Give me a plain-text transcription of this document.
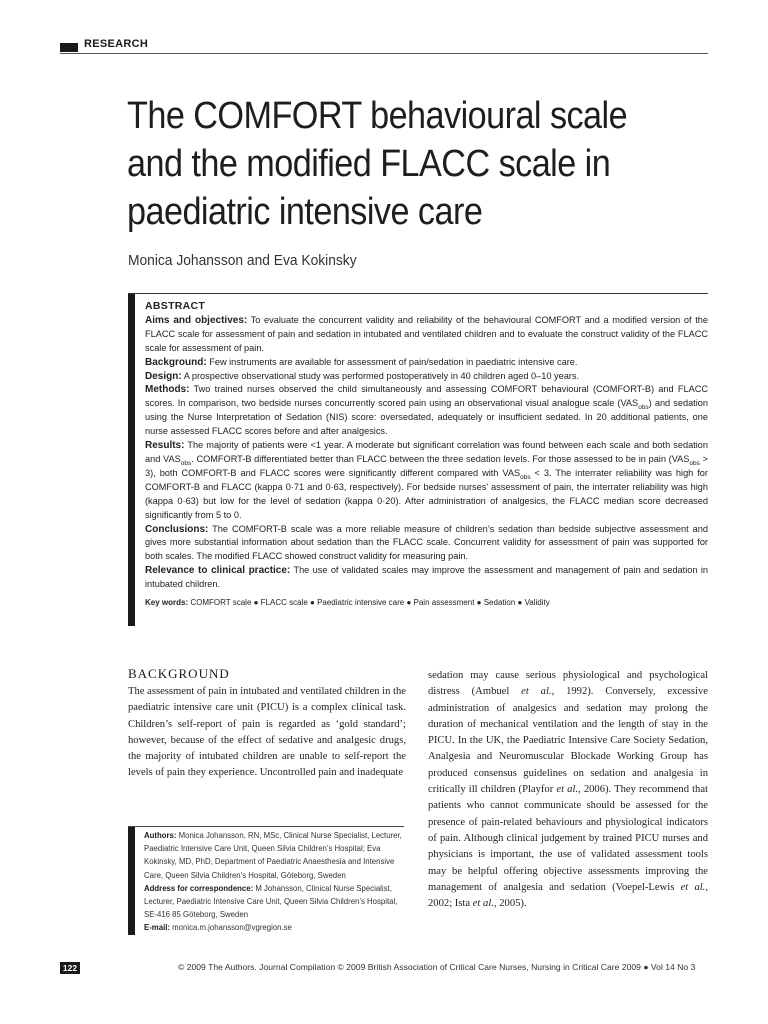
RESEARCH
The COMFORT behavioural scale
and the modified FLACC scale in
paediatric intensive care
Monica Johansson and Eva Kokinsky

ABSTRACT

Aims and objectives: To evaluate the concurrent validity and reliability of the behavioural COMFORT and a modified version of the FLACC scale for assessment of pain and sedation in intubated and ventilated children and to evaluate the construct validity of the FLACC scale for assessment of pain.

Background: Few instruments are available for assessment of pain/sedation in paediatric intensive care.

Design: A prospective observational study was performed postoperatively in 40 children aged 0–10 years.

Methods: Two trained nurses observed the child simultaneously and assessing COMFORT behavioural (COMFORT-B) and FLACC scores. In comparison, two bedside nurses concurrently scored pain using an observational visual analogue scale $(VAS_{obs})$ and sedation using the Nurse Interpretation of Sedation (NIS) score: oversedated, adequately or insufficient sedated. In 20 additional patients, one nurse assessed FLACC scores before and after analgesics.

Results: The majority of patients were <1 year. A moderate but significant correlation was found between each scale and both sedation and $VAS_{obs}$. COMFORT-B differentiated better than FLACC between the three sedation levels. For those assessed to be in pain $(VAS_{obs} > 3)$, both COMFORT-B and FLACC scores were significantly different compared with $VAS_{obs} < 3$. The interrater reliability was high for COMFORT-B and FLACC (kappa 0·71 and 0·63, respectively). For bedside nurses’ assessment of pain, the interrater reliability was high (kappa 0·63) but low for the level of sedation (kappa 0·20). After administration of analgesics, the FLACC median score decreased significantly from 5 to 0.

Conclusions: The COMFORT-B scale was a more reliable measure of children’s sedation than bedside subjective assessment and gives more substantial information about sedation than the FLACC scale. Concurrent validity for assessment of pain was supported for both scales. The modified FLACC showed construct validity for measuring pain.

Relevance to clinical practice: The use of validated scales may improve the assessment and management of pain and sedation in intubated children.

Key words: COMFORT scale ● FLACC scale ● Paediatric intensive care ● Pain assessment ● Sedation ● Validity

BACKGROUND

The assessment of pain in intubated and ventilated children in the paediatric intensive care unit (PICU) is a complex clinical task. Children’s self-report of pain is regarded as ‘gold standard’; however, because of the effect of sedative and analgesic drugs, the majority of intubated children are unable to self-report the levels of pain they experience. Uncontrolled pain and inadequate

sedation may cause serious physiological and psychological distress (Ambuel et al., 1992). Conversely, excessive administration of analgesics and sedation may prolong the duration of mechanical ventilation and the length of stay in the PICU. In the UK, the Paediatric Intensive Care Society Sedation, Analgesia and Neuromuscular Blockade Working Group has produced consensus guidelines on sedation and analgesia in critically ill children (Playfor et al., 2006). They recommend that patients who cannot communicate should be assessed for the presence of pain-related behaviours and physiological indicators of pain. Although clinical judgement by trained PICU nurses and physicians is important, the use of validated assessment tools may be helpful offering objective assessments improving the management of analgesia and sedation (Voepel-Lewis et al., 2002; Ista et al., 2005).

Authors: Monica Johansson, RN, MSc, Clinical Nurse Specialist, Lecturer, Paediatric Intensive Care Unit, Queen Silvia Children’s Hospital; Eva Kokinsky, MD, PhD, Department of Paediatric Anaesthesia and Intensive Care, Queen Silvia Children’s Hospital, Göteborg, Sweden

Address for correspondence: M Johansson, Clinical Nurse Specialist, Lecturer, Paediatric Intensive Care Unit, Queen Silvia Children’s Hospital, SE-416 85 Göteborg, Sweden

E-mail: monica.m.johansson@vgregion.se

122	© 2009 The Authors. Journal Compilation © 2009 British Association of Critical Care Nurses, Nursing in Critical Care 2009 ● Vol 14 No 3
